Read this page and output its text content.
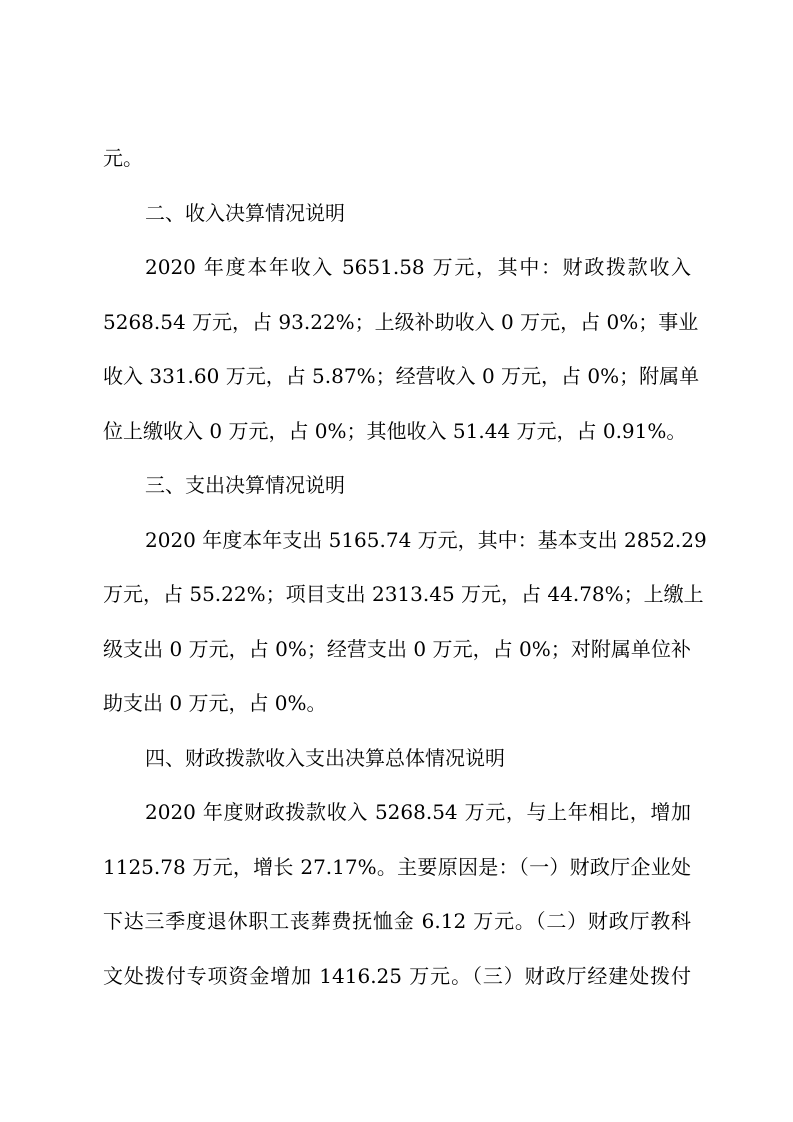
元。
二、收入决算情况说明
2020 年度本年收入 5651.58 万元，其中：财政拨款收入
5268.54 万元，占 93.22%；上级补助收入 0 万元，占 0%；事业
收入 331.60 万元，占 5.87%；经营收入 0 万元，占 0%；附属单
位上缴收入 0 万元，占 0%；其他收入 51.44 万元，占 0.91%。
三、支出决算情况说明
2020 年度本年支出 5165.74 万元，其中：基本支出 2852.29
万元，占 55.22%；项目支出 2313.45 万元，占 44.78%；上缴上
级支出 0 万元，占 0%；经营支出 0 万元，占 0%；对附属单位补
助支出 0 万元，占 0%。
四、财政拨款收入支出决算总体情况说明
2020 年度财政拨款收入 5268.54 万元，与上年相比，增加
1125.78 万元，增长 27.17%。主要原因是：（一）财政厅企业处
下达三季度退休职工丧葬费抚恤金 6.12 万元。（二）财政厅教科
文处拨付专项资金增加 1416.25 万元。（三）财政厅经建处拨付
